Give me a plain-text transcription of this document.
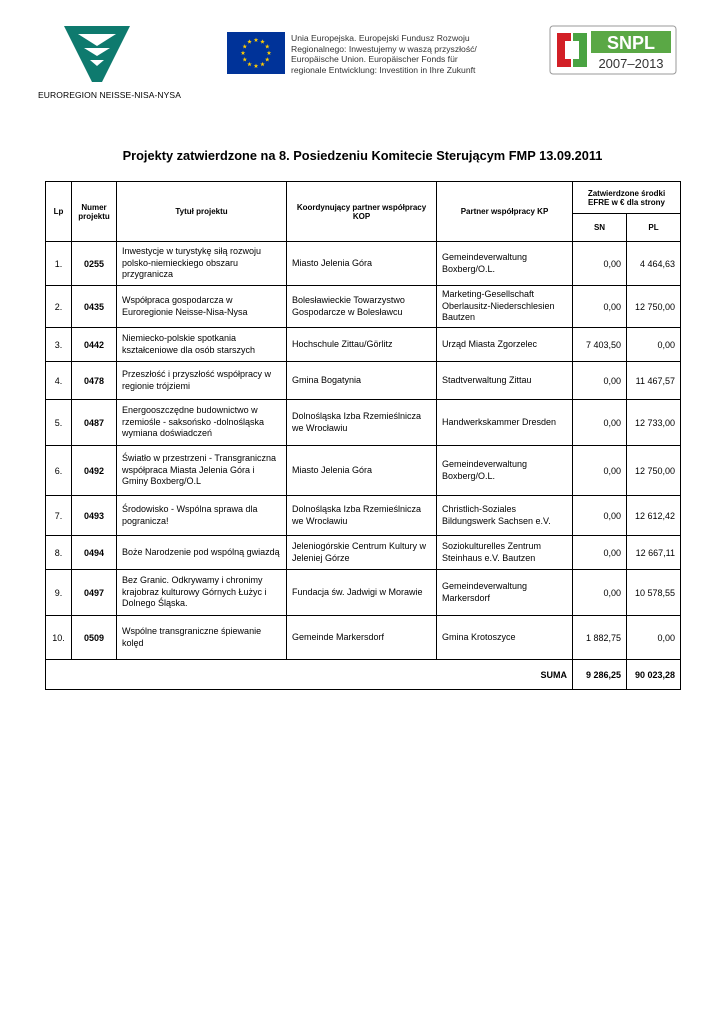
EUROREGION NEISSE-NISA-NYSA
Unia Europejska. Europejski Fundusz Rozwoju
Regionalnego: Inwestujemy w waszą przyszłość/
Europäische Union. Europäischer Fonds für
regionale Entwicklung: Investition in Ihre Zukunft
SNPL
2007–2013
Projekty zatwierdzone na 8. Posiedzeniu Komitecie Sterującym FMP 13.09.2011
Lp	Numer projektu	Tytuł projektu	Koordynujący partner współpracy KOP	Partner współpracy KP	Zatwierdzone środki EFRE w € dla strony	
					SN	PL
1.	0255	Inwestycje w turystykę siłą rozwoju polsko-niemieckiego obszaru przygranicza	Miasto Jelenia Góra	Gemeindeverwaltung Boxberg/O.L.	0,00	4 464,63
2.	0435	Współpraca gospodarcza w Euroregionie Neisse-Nisa-Nysa	Bolesławieckie Towarzystwo Gospodarcze w Bolesławcu	Marketing-Gesellschaft Oberlausitz-Niederschlesien Bautzen	0,00	12 750,00
3.	0442	Niemiecko-polskie spotkania kształceniowe dla osób starszych	Hochschule Zittau/Görlitz	Urząd Miasta Zgorzelec	7 403,50	0,00
4.	0478	Przeszłość i przyszłość współpracy w regionie trójziemi	Gmina Bogatynia	Stadtverwaltung Zittau	0,00	11 467,57
5.	0487	Energooszczędne budownictwo w rzemiośle - saksońsko -dolnośląska wymiana doświadczeń	Dolnośląska Izba Rzemieślnicza we Wrocławiu	Handwerkskammer Dresden	0,00	12 733,00
6.	0492	Światło w przestrzeni - Transgraniczna współpraca Miasta Jelenia Góra i Gminy Boxberg/O.L	Miasto Jelenia Góra	Gemeindeverwaltung Boxberg/O.L.	0,00	12 750,00
7.	0493	Środowisko - Wspólna sprawa dla pogranicza!	Dolnośląska Izba Rzemieślnicza we Wrocławiu	Christlich-Soziales Bildungswerk Sachsen e.V.	0,00	12 612,42
8.	0494	Boże Narodzenie pod wspólną gwiazdą	Jeleniogórskie Centrum Kultury w Jeleniej Górze	Soziokulturelles Zentrum Steinhaus e.V. Bautzen	0,00	12 667,11
9.	0497	Bez Granic. Odkrywamy i chronimy krajobraz kulturowy Górnych Łużyc i Dolnego Śląska.	Fundacja św. Jadwigi w Morawie	Gemeindeverwaltung Markersdorf	0,00	10 578,55
10.	0509	Wspólne transgraniczne śpiewanie kolęd	Gemeinde Markersdorf	Gmina Krotoszyce	1 882,75	0,00
SUMA					9 286,25	90 023,28
